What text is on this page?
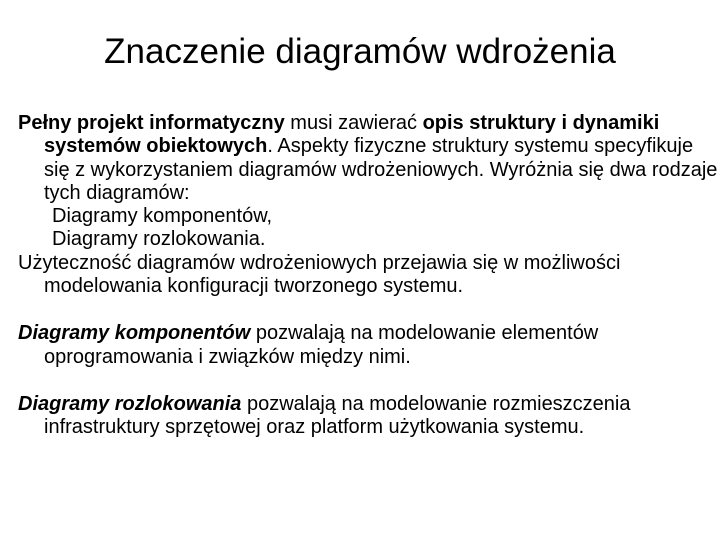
Znaczenie diagramów wdrożenia

Pełny projekt informatyczny musi zawierać opis struktury i dynamiki systemów obiektowych. Aspekty fizyczne struktury systemu specyfikuje się z wykorzystaniem diagramów wdrożeniowych. Wyróżnia się dwa rodzaje tych diagramów:

Diagramy komponentów,

Diagramy rozlokowania.

Użyteczność diagramów wdrożeniowych przejawia się w możliwości modelowania konfiguracji tworzonego systemu.

Diagramy komponentów pozwalają na modelowanie elementów oprogramowania i związków między nimi.

Diagramy rozlokowania pozwalają na modelowanie rozmieszczenia infrastruktury sprzętowej oraz platform użytkowania systemu.
